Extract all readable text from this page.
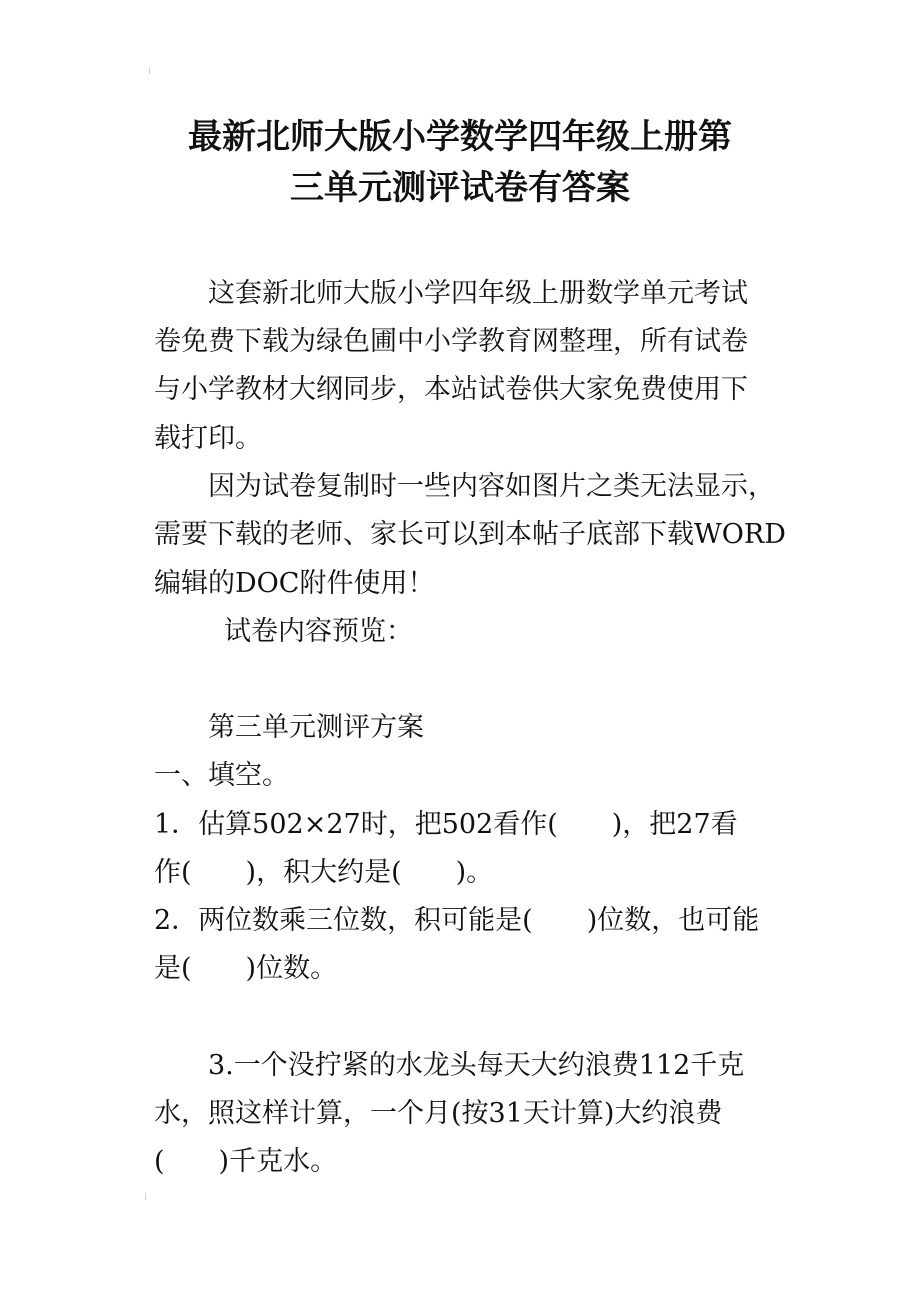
⁞
⁞
最新北师大版小学数学四年级上册第
三单元测评试卷有答案

这套新北师大版小学四年级上册数学单元考试

卷免费下载为绿色圃中小学教育网整理，所有试卷

与小学教材大纲同步，本站试卷供大家免费使用下

载打印。

因为试卷复制时一些内容如图片之类无法显示，

需要下载的老师、家长可以到本帖子底部下载WORD

编辑的DOC附件使用！

试卷内容预览：

第三单元测评方案

一、填空。

1．估算502×27时，把502看作(　　)，把27看

作(　　)，积大约是(　　)。

2．两位数乘三位数，积可能是(　　)位数，也可能

是(　　)位数。

3.一个没拧紧的水龙头每天大约浪费112千克

水，照这样计算，一个月(按31天计算)大约浪费

(　　)千克水。
